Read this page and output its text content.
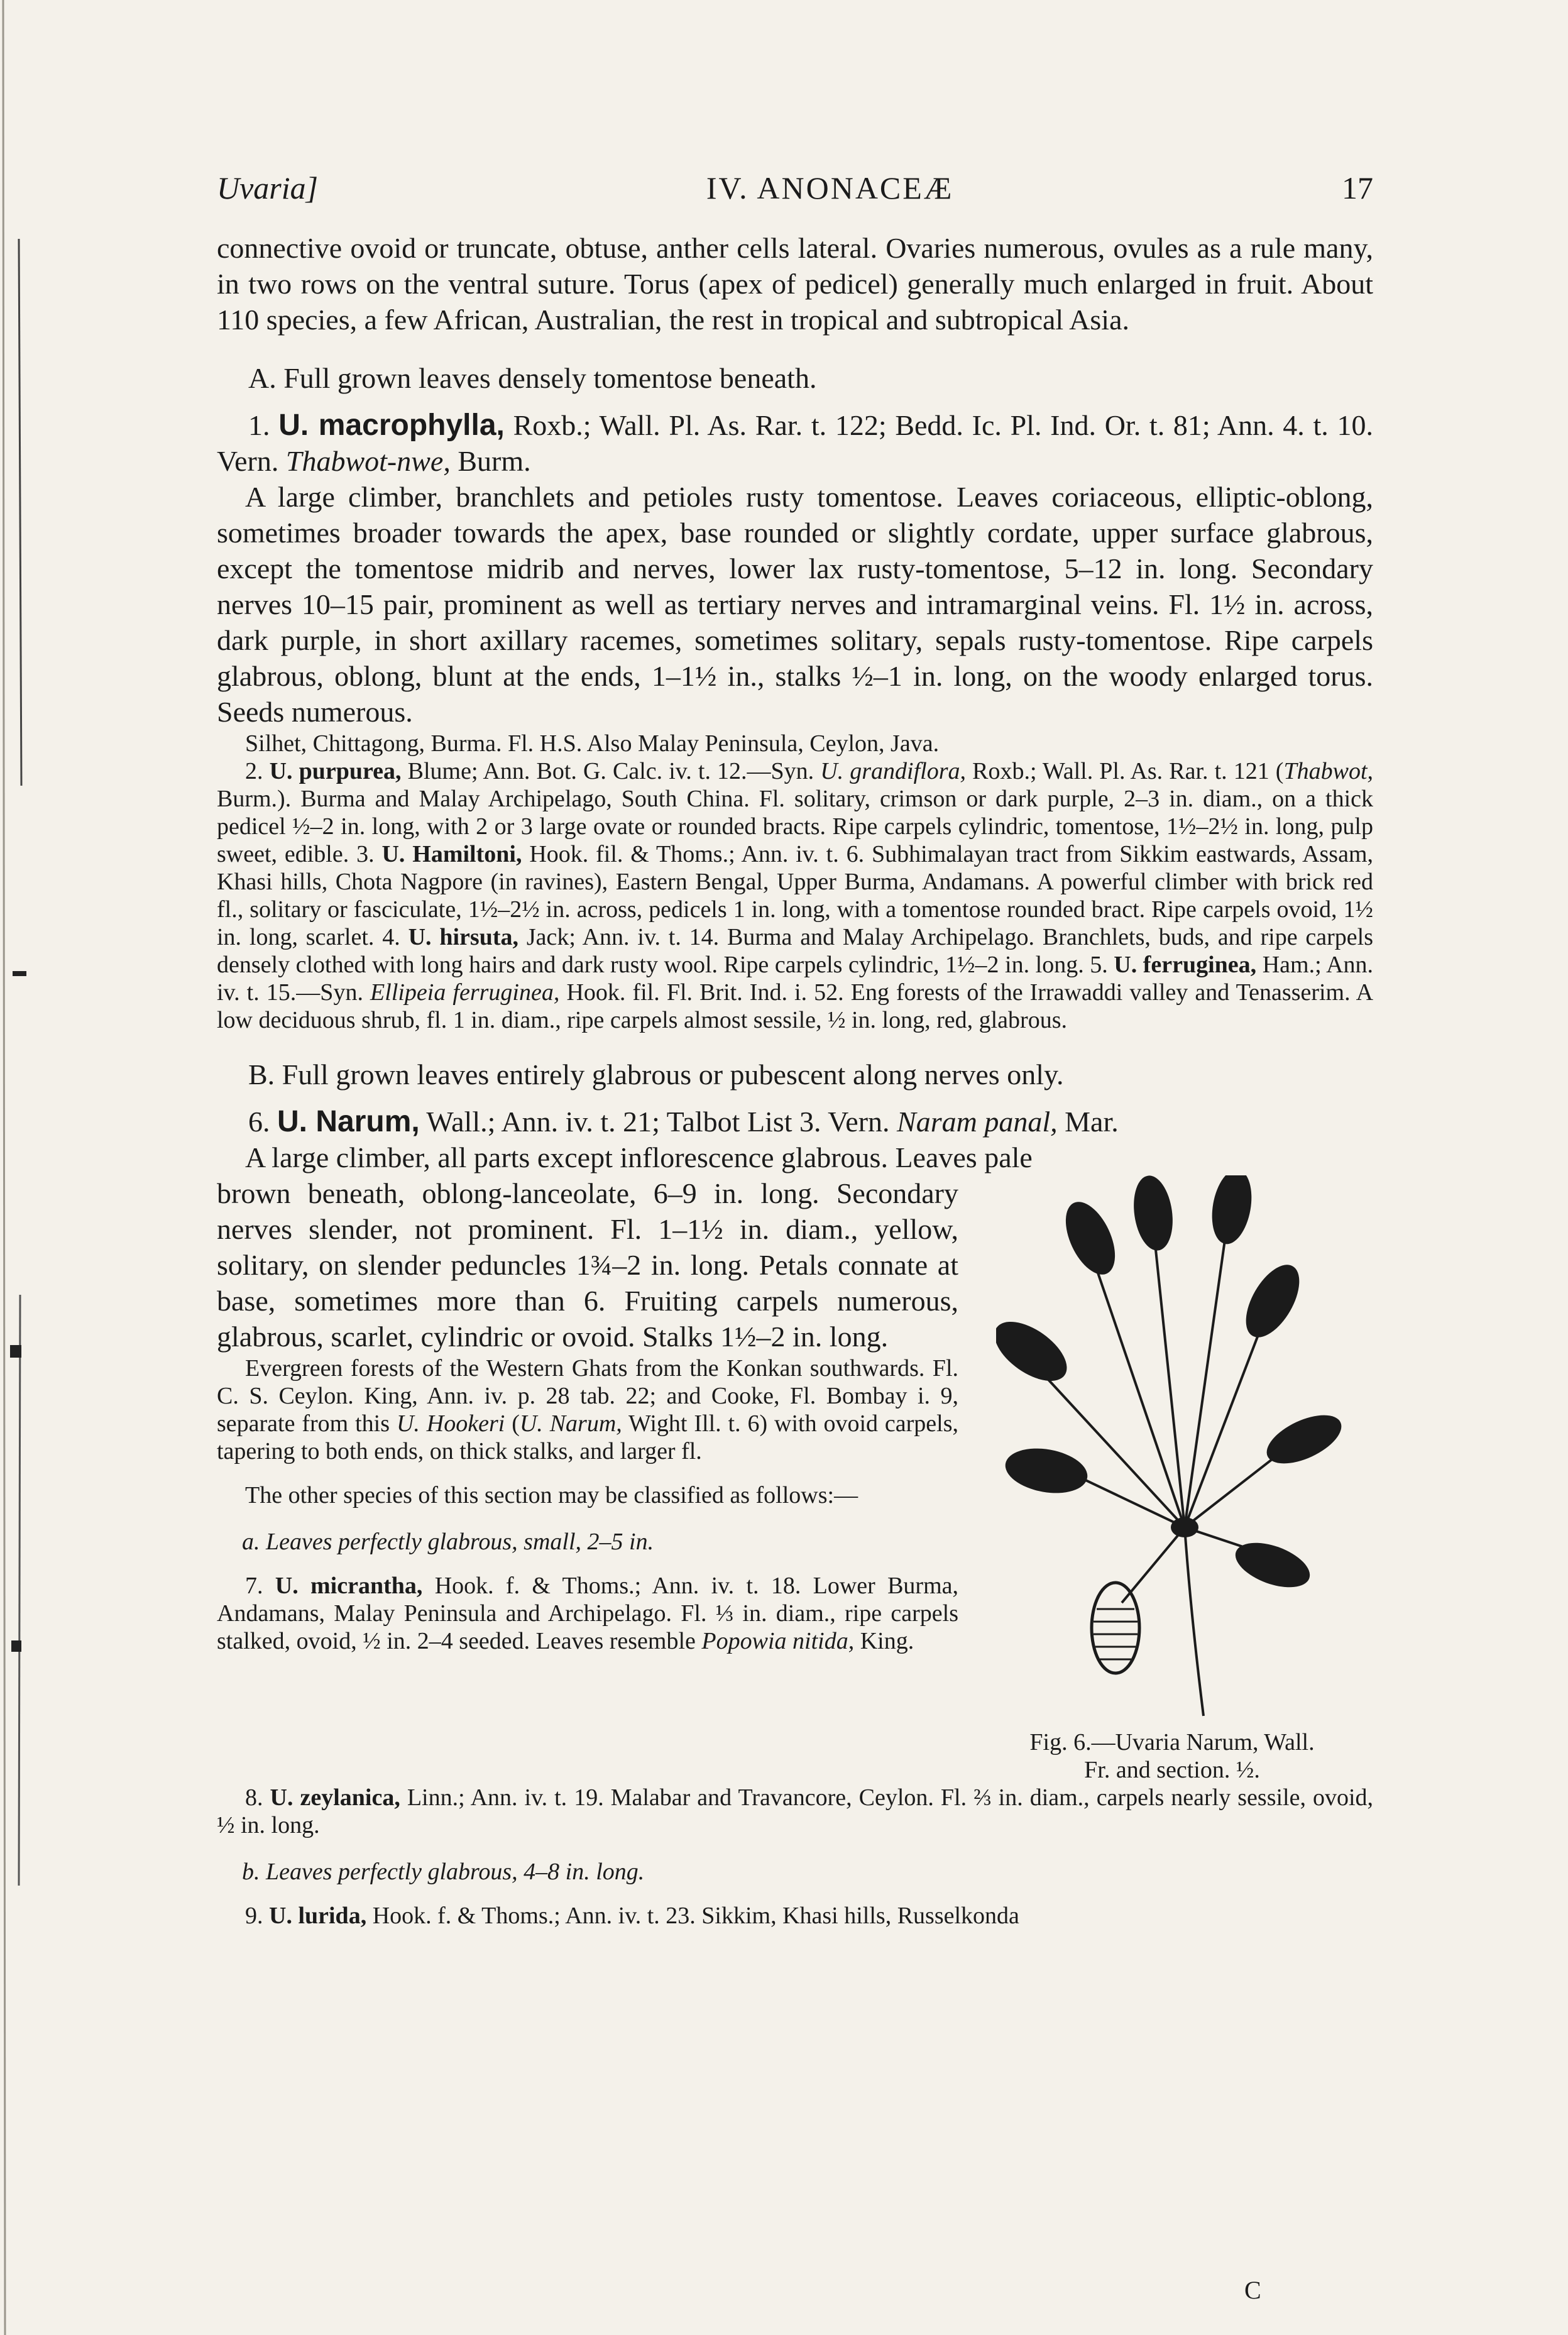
Uvaria]	IV. ANONACEÆ	17

connective ovoid or truncate, obtuse, anther cells lateral. Ovaries numerous, ovules as a rule many, in two rows on the ventral suture. Torus (apex of pedicel) generally much enlarged in fruit. About 110 species, a few African, Australian, the rest in tropical and subtropical Asia.

A. Full grown leaves densely tomentose beneath.

1. U. macrophylla, Roxb.; Wall. Pl. As. Rar. t. 122; Bedd. Ic. Pl. Ind. Or. t. 81; Ann. 4. t. 10. Vern. Thabwot-nwe, Burm.

A large climber, branchlets and petioles rusty tomentose. Leaves coriaceous, elliptic-oblong, sometimes broader towards the apex, base rounded or slightly cordate, upper surface glabrous, except the tomentose midrib and nerves, lower lax rusty-tomentose, 5–12 in. long. Secondary nerves 10–15 pair, prominent as well as tertiary nerves and intramarginal veins. Fl. 1½ in. across, dark purple, in short axillary racemes, sometimes solitary, sepals rusty-tomentose. Ripe carpels glabrous, oblong, blunt at the ends, 1–1½ in., stalks ½–1 in. long, on the woody enlarged torus. Seeds numerous.

Silhet, Chittagong, Burma. Fl. H.S. Also Malay Peninsula, Ceylon, Java.

2. U. purpurea, Blume; Ann. Bot. G. Calc. iv. t. 12.—Syn. U. grandiflora, Roxb.; Wall. Pl. As. Rar. t. 121 (Thabwot, Burm.). Burma and Malay Archipelago, South China. Fl. solitary, crimson or dark purple, 2–3 in. diam., on a thick pedicel ½–2 in. long, with 2 or 3 large ovate or rounded bracts. Ripe carpels cylindric, tomentose, 1½–2½ in. long, pulp sweet, edible. 3. U. Hamiltoni, Hook. fil. & Thoms.; Ann. iv. t. 6. Subhimalayan tract from Sikkim eastwards, Assam, Khasi hills, Chota Nagpore (in ravines), Eastern Bengal, Upper Burma, Andamans. A powerful climber with brick red fl., solitary or fasciculate, 1½–2½ in. across, pedicels 1 in. long, with a tomentose rounded bract. Ripe carpels ovoid, 1½ in. long, scarlet. 4. U. hirsuta, Jack; Ann. iv. t. 14. Burma and Malay Archipelago. Branchlets, buds, and ripe carpels densely clothed with long hairs and dark rusty wool. Ripe carpels cylindric, 1½–2 in. long. 5. U. ferruginea, Ham.; Ann. iv. t. 15.—Syn. Ellipeia ferruginea, Hook. fil. Fl. Brit. Ind. i. 52. Eng forests of the Irrawaddi valley and Tenasserim. A low deciduous shrub, fl. 1 in. diam., ripe carpels almost sessile, ½ in. long, red, glabrous.

B. Full grown leaves entirely glabrous or pubescent along nerves only.

6. U. Narum, Wall.; Ann. iv. t. 21; Talbot List 3. Vern. Naram panal, Mar.

A large climber, all parts except inflorescence glabrous. Leaves pale

brown beneath, oblong-lanceolate, 6–9 in. long. Secondary nerves slender, not prominent. Fl. 1–1½ in. diam., yellow, solitary, on slender peduncles 1¾–2 in. long. Petals connate at base, sometimes more than 6. Fruiting carpels numerous, glabrous, scarlet, cylindric or ovoid. Stalks 1½–2 in. long.

Evergreen forests of the Western Ghats from the Konkan southwards. Fl. C. S. Ceylon. King, Ann. iv. p. 28 tab. 22; and Cooke, Fl. Bombay i. 9, separate from this U. Hookeri (U. Narum, Wight Ill. t. 6) with ovoid carpels, tapering to both ends, on thick stalks, and larger fl.

The other species of this section may be classified as follows:—

a. Leaves perfectly glabrous, small, 2–5 in.

7. U. micrantha, Hook. f. & Thoms.; Ann. iv. t. 18. Lower Burma, Andamans, Malay Peninsula and Archipelago. Fl. ⅓ in. diam., ripe carpels stalked, ovoid, ½ in. 2–4 seeded. Leaves resemble Popowia nitida, King.

Fig. 6.—Uvaria Narum, Wall.
Fr. and section. ½.

8. U. zeylanica, Linn.; Ann. iv. t. 19. Malabar and Travancore, Ceylon. Fl. ⅔ in. diam., carpels nearly sessile, ovoid, ½ in. long.

b. Leaves perfectly glabrous, 4–8 in. long.

9. U. lurida, Hook. f. & Thoms.; Ann. iv. t. 23. Sikkim, Khasi hills, Russelkonda

C
